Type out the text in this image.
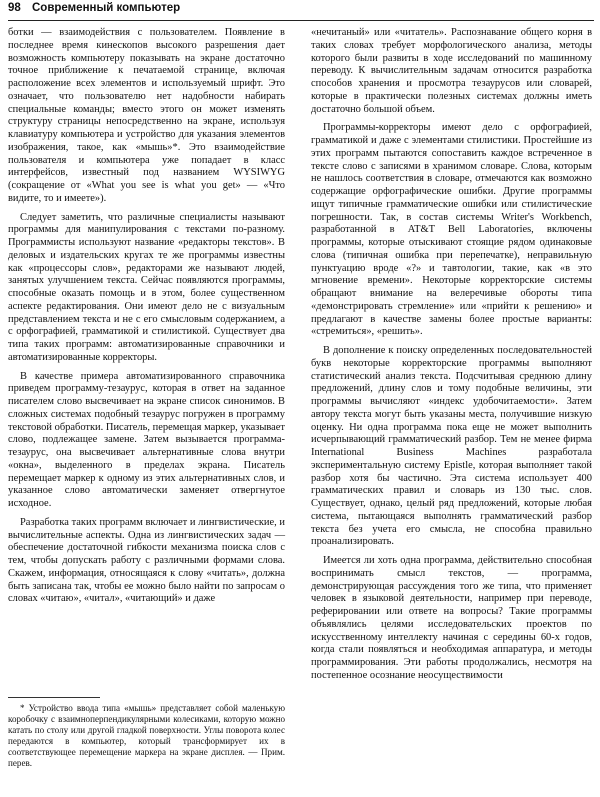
98 Современный компьютер

ботки — взаимодействия с пользователем. Появление в последнее время кинескопов высокого разрешения дает возможность компьютеру показывать на экране достаточно точное приближение к печатаемой странице, включая расположение всех элементов и используемый шрифт. Это означает, что пользователю нет надобности набирать специальные команды; вместо этого он может изменять структуру страницы непосредственно на экране, используя клавиатуру компьютера и устройство для указания элементов изображения, такое, как «мышь»*. Это взаимодействие пользователя и компьютера уже попадает в класс интерфейсов, известный под названием WYSIWYG (сокращение от «What you see is what you get» — «Что видите, то и имеете»).

Следует заметить, что различные специалисты называют программы для манипулирования с текстами по-разному. Программисты используют название «редакторы текстов». В деловых и издательских кругах те же программы известны как «процессоры слов», редакторами же называют людей, занятых улучшением текста. Сейчас появляются программы, способные оказать помощь и в этом, более существенном аспекте редактирования. Они имеют дело не с визуальным представлением текста и не с его смысловым содержанием, а с орфографией, грамматикой и стилистикой. Существует два типа таких программ: автоматизированные справочники и автоматизированные корректоры.

В качестве примера автоматизированного справочника приведем программу-тезаурус, которая в ответ на заданное писателем слово высвечивает на экране список синонимов. В сложных системах подобный тезаурус погружен в программу текстовой обработки. Писатель, перемещая маркер, указывает слово, подлежащее замене. Затем вызывается программа-тезаурус, она высвечивает альтернативные слова внутри «окна», выделенного в пределах экрана. Писатель перемещает маркер к одному из этих альтернативных слов, и указанное слово автоматически заменяет отвергнутое исходное.

Разработка таких программ включает и лингвистические, и вычислительные аспекты. Одна из лингвистических задач — обеспечение достаточной гибкости механизма поиска слов с тем, чтобы допускать работу с различными формами слова. Скажем, информация, относящаяся к слову «читать», должна быть записана так, чтобы ее можно было найти по запросам о словах «читаю», «читал», «читающий» и даже

«нечитаный» или «читатель». Распознавание общего корня в таких словах требует морфологического анализа, методы которого были развиты в ходе исследований по машинному переводу. К вычислительным задачам относится разработка способов хранения и просмотра тезаурусов или словарей, которые в практически полезных системах должны иметь достаточно большой объем.

Программы-корректоры имеют дело с орфографией, грамматикой и даже с элементами стилистики. Простейшие из этих программ пытаются сопоставить каждое встреченное в тексте слово с записями в хранимом словаре. Слова, которым не нашлось соответствия в словаре, отмечаются как возможно содержащие орфографические ошибки. Другие программы ищут типичные грамматические ошибки или стилистические погрешности. Так, в состав системы Writer's Workbench, разработанной в AT&T Bell Laboratories, включены программы, которые отыскивают стоящие рядом одинаковые слова (типичная ошибка при перепечатке), неправильную пунктуацию вроде «?» и тавтологии, такие, как «в это мгновение времени». Некоторые корректорские системы обращают внимание на велеречивые обороты типа «демонстрировать стремление» или «прийти к решению» и предлагают в качестве замены более простые варианты: «стремиться», «решить».

В дополнение к поиску определенных последовательностей букв некоторые корректорские программы выполняют статистический анализ текста. Подсчитывая среднюю длину предложений, длину слов и тому подобные величины, эти программы вычисляют «индекс удобочитаемости». Затем автору текста могут быть указаны места, получившие низкую оценку. Ни одна программа пока еще не может выполнить исчерпывающий грамматический разбор. Тем не менее фирма International Business Machines разработала экспериментальную систему Epistle, которая выполняет такой разбор хотя бы частично. Эта система использует 400 грамматических правил и словарь из 130 тыс. слов. Существует, однако, целый ряд предложений, которые любая система, пытающаяся выполнять грамматический разбор текста без учета его смысла, не способна правильно проанализировать.

Имеется ли хоть одна программа, действительно способная воспринимать смысл текстов, — программа, демонстрирующая рассуждения того же типа, что применяет человек в языковой деятельности, например при переводе, реферировании или ответе на вопросы? Такие программы объявлялись целями исследовательских проектов по искусственному интеллекту начиная с середины 60-х годов, когда стали появляться и необходимая аппаратура, и методы программирования. Эти работы продолжались, несмотря на постепенное осознание неосуществимости

* Устройство ввода типа «мышь» представляет собой маленькую коробочку с взаимноперпендикулярными колесиками, которую можно катать по столу или другой гладкой поверхности. Углы поворота колес передаются в компьютер, который трансформирует их в соответствующее перемещение маркера на экране дисплея. — Прим. перев.
